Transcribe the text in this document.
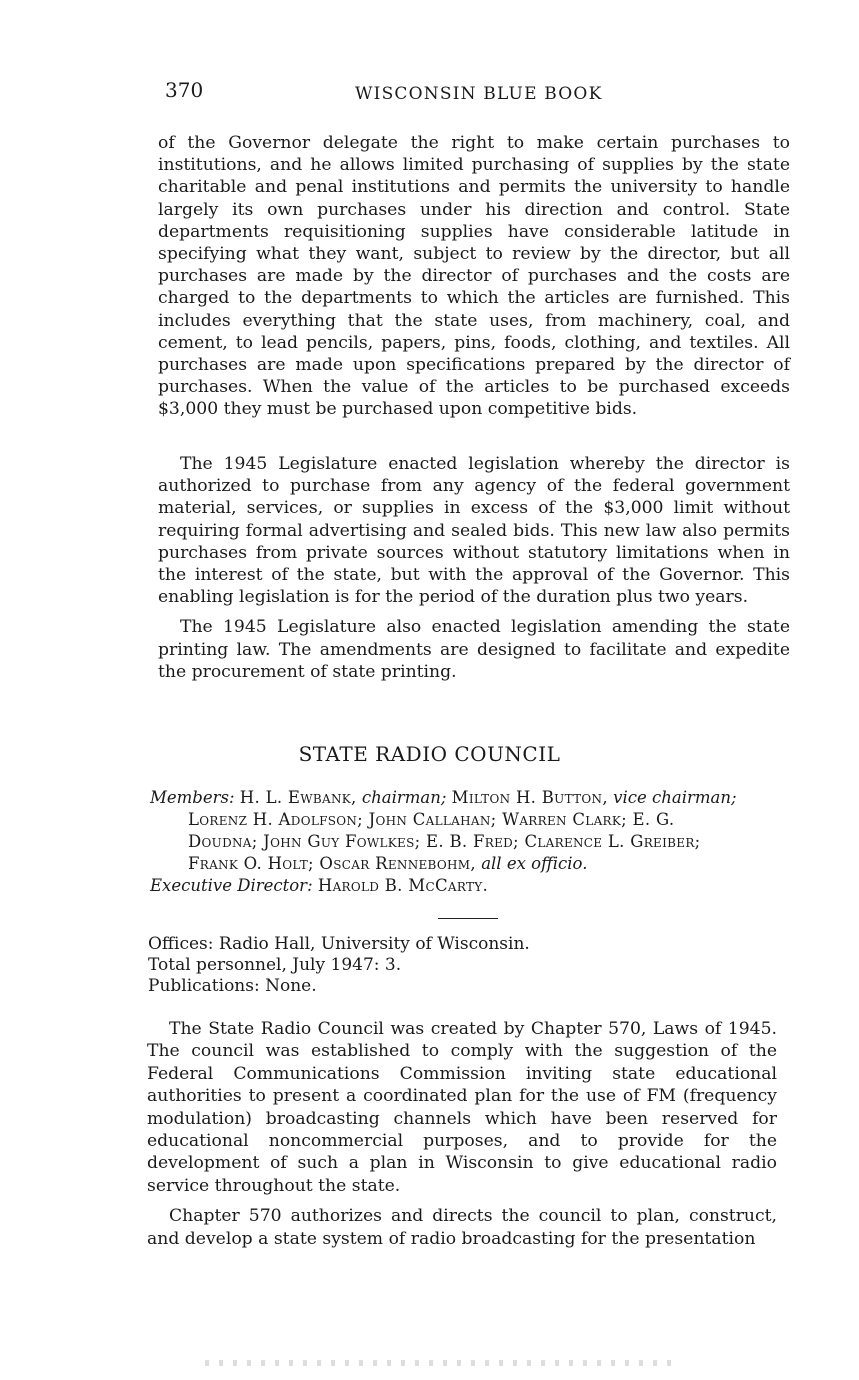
370	WISCONSIN BLUE BOOK

of the Governor delegate the right to make certain purchases to institutions, and he allows limited purchasing of supplies by the state charitable and penal institutions and permits the university to handle largely its own purchases under his direction and control. State departments requisitioning supplies have considerable latitude in specifying what they want, subject to review by the director, but all purchases are made by the director of purchases and the costs are charged to the departments to which the articles are furnished. This includes everything that the state uses, from machinery, coal, and cement, to lead pencils, papers, pins, foods, clothing, and textiles. All purchases are made upon specifications prepared by the director of purchases. When the value of the articles to be purchased exceeds $3,000 they must be purchased upon competitive bids.

The 1945 Legislature enacted legislation whereby the director is authorized to purchase from any agency of the federal government material, services, or supplies in excess of the $3,000 limit without requiring formal advertising and sealed bids. This new law also permits purchases from private sources without statutory limitations when in the interest of the state, but with the approval of the Governor. This enabling legislation is for the period of the duration plus two years.

The 1945 Legislature also enacted legislation amending the state printing law. The amendments are designed to facilitate and expedite the procurement of state printing.

STATE RADIO COUNCIL
Members: H. L. Ewbank, chairman; Milton H. Button, vice chairman;
Lorenz H. Adolfson; John Callahan; Warren Clark; E. G.
Doudna; John Guy Fowlkes; E. B. Fred; Clarence L. Greiber;
Frank O. Holt; Oscar Rennebohm, all ex officio.
Executive Director: Harold B. McCarty.
Offices: Radio Hall, University of Wisconsin.
Total personnel, July 1947: 3.
Publications: None.

The State Radio Council was created by Chapter 570, Laws of 1945. The council was established to comply with the suggestion of the Federal Communications Commission inviting state educational authorities to present a coordinated plan for the use of FM (frequency modulation) broadcasting channels which have been reserved for educational noncommercial purposes, and to provide for the development of such a plan in Wisconsin to give educational radio service throughout the state.

Chapter 570 authorizes and directs the council to plan, construct, and develop a state system of radio broadcasting for the presentation
